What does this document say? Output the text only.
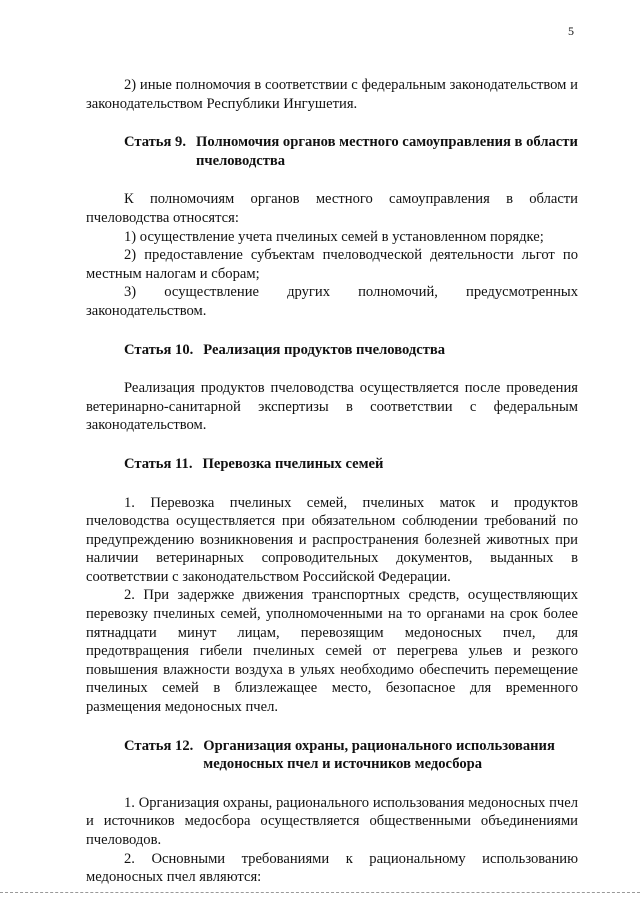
5

2) иные полномочия в соответствии с федеральным законодательством и законодательством Республики Ингушетия.

Статья 9. Полномочия органов местного самоуправления в области пчеловодства

К полномочиям органов местного самоуправления в области пчеловодства относятся:

1) осуществление учета пчелиных семей в установленном порядке;

2) предоставление субъектам пчеловодческой деятельности льгот по местным налогам и сборам;

3) осуществление других полномочий, предусмотренных законодательством.

Статья 10. Реализация продуктов пчеловодства

Реализация продуктов пчеловодства осуществляется после проведения ветеринарно-санитарной экспертизы в соответствии с федеральным законодательством.

Статья 11. Перевозка пчелиных семей

1. Перевозка пчелиных семей, пчелиных маток и продуктов пчеловодства осуществляется при обязательном соблюдении требований по предупреждению возникновения и распространения болезней животных при наличии ветеринарных сопроводительных документов, выданных в соответствии с законодательством Российской Федерации.

2. При задержке движения транспортных средств, осуществляющих перевозку пчелиных семей, уполномоченными на то органами на срок более пятнадцати минут лицам, перевозящим медоносных пчел, для предотвращения гибели пчелиных семей от перегрева ульев и резкого повышения влажности воздуха в ульях необходимо обеспечить перемещение пчелиных семей в близлежащее место, безопасное для временного размещения медоносных пчел.

Статья 12. Организация охраны, рационального использования медоносных пчел и источников медосбора

1. Организация охраны, рационального использования медоносных пчел и источников медосбора осуществляется общественными объединениями пчеловодов.

2. Основными требованиями к рациональному использованию медоносных пчел являются:
